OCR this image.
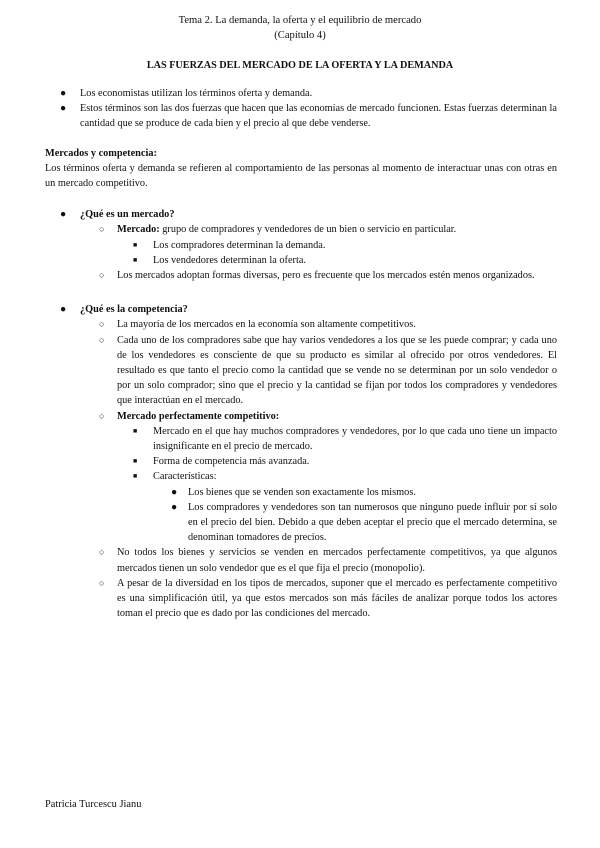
Tema 2. La demanda, la oferta y el equilibrio de mercado
(Capítulo 4)
LAS FUERZAS DEL MERCADO DE LA OFERTA Y LA DEMANDA
● Los economistas utilizan los términos oferta y demanda.
● Estos términos son las dos fuerzas que hacen que las economías de mercado funcionen. Estas fuerzas determinan la cantidad que se produce de cada bien y el precio al que debe venderse.
Mercados y competencia:
Los términos oferta y demanda se refieren al comportamiento de las personas al momento de interactuar unas con otras en un mercado competitivo.
● ¿Qué es un mercado?
○ Mercado: grupo de compradores y vendedores de un bien o servicio en particular.
■ Los compradores determinan la demanda.
■ Los vendedores determinan la oferta.
○ Los mercados adoptan formas diversas, pero es frecuente que los mercados estén menos organizados.
● ¿Qué es la competencia?
○ La mayoría de los mercados en la economía son altamente competitivos.
○ Cada uno de los compradores sabe que hay varios vendedores a los que se les puede comprar; y cada uno de los vendedores es consciente de que su producto es similar al ofrecido por otros vendedores. El resultado es que tanto el precio como la cantidad que se vende no se determinan por un solo vendedor o por un solo comprador; sino que el precio y la cantidad se fijan por todos los compradores y vendedores que interactúan en el mercado.
○ Mercado perfectamente competitivo:
■ Mercado en el que hay muchos compradores y vendedores, por lo que cada uno tiene un impacto insignificante en el precio de mercado.
■ Forma de competencia más avanzada.
■ Características:
● Los bienes que se venden son exactamente los mismos.
● Los compradores y vendedores son tan numerosos que ninguno puede influir por sí solo en el precio del bien. Debido a que deben aceptar el precio que el mercado determina, se denominan tomadores de precios.
○ No todos los bienes y servicios se venden en mercados perfectamente competitivos, ya que algunos mercados tienen un solo vendedor que es el que fija el precio (monopolio).
○ A pesar de la diversidad en los tipos de mercados, suponer que el mercado es perfectamente competitivo es una simplificación útil, ya que estos mercados son más fáciles de analizar porque todos los actores toman el precio que es dado por las condiciones del mercado.
Patricia Turcescu Jianu
